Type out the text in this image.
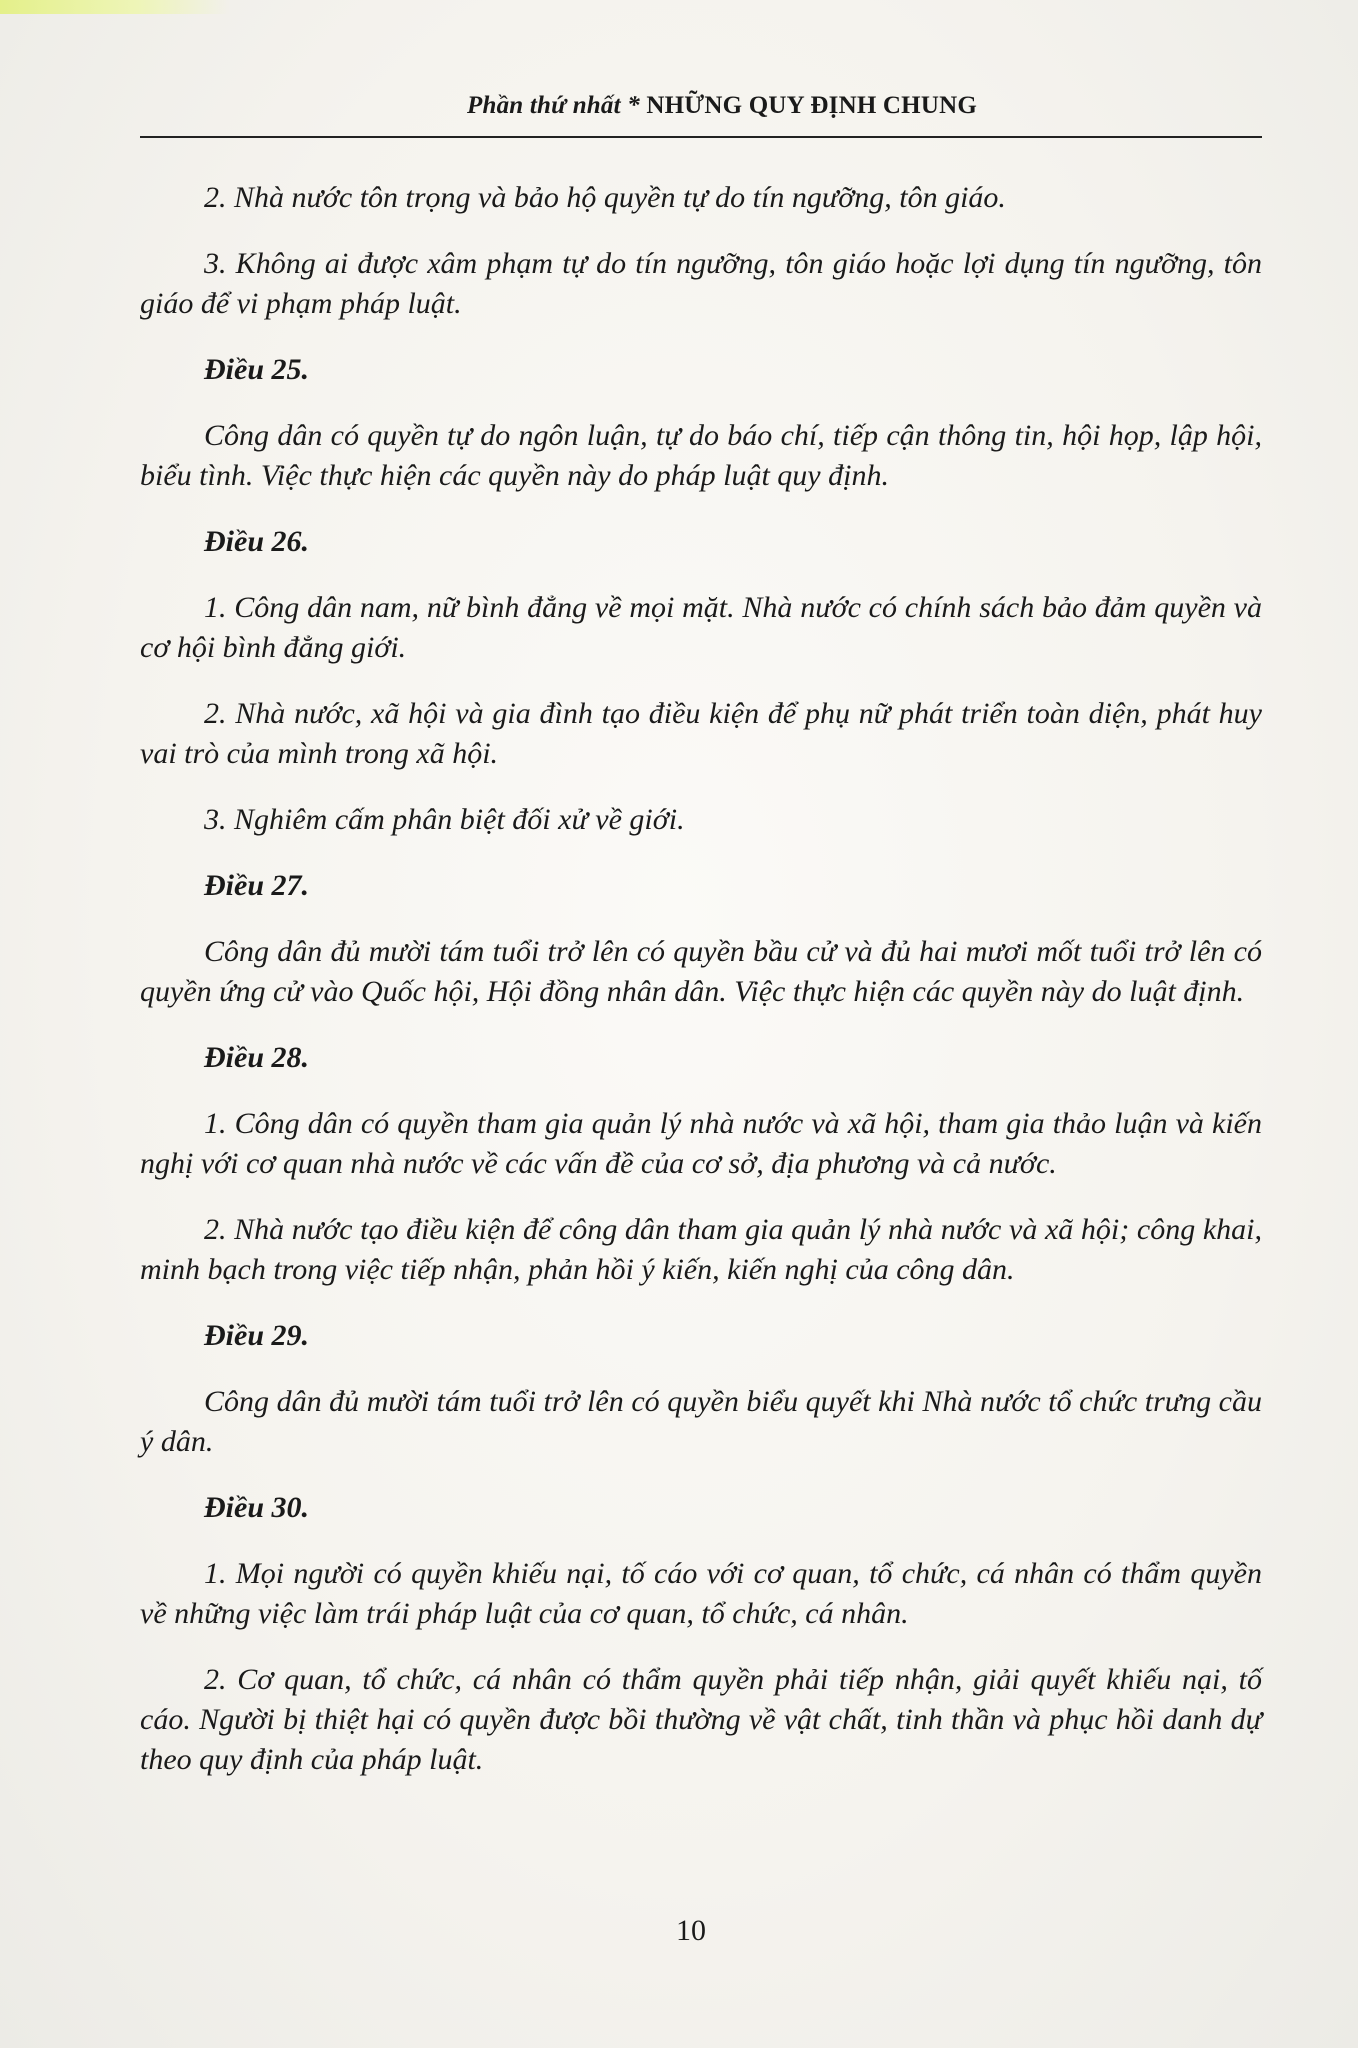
Phần thứ nhất * NHỮNG QUY ĐỊNH CHUNG

2. Nhà nước tôn trọng và bảo hộ quyền tự do tín ngưỡng, tôn giáo.

3. Không ai được xâm phạm tự do tín ngưỡng, tôn giáo hoặc lợi dụng tín ngưỡng, tôn giáo để vi phạm pháp luật.

Điều 25.

Công dân có quyền tự do ngôn luận, tự do báo chí, tiếp cận thông tin, hội họp, lập hội, biểu tình. Việc thực hiện các quyền này do pháp luật quy định.

Điều 26.

1. Công dân nam, nữ bình đẳng về mọi mặt. Nhà nước có chính sách bảo đảm quyền và cơ hội bình đẳng giới.

2. Nhà nước, xã hội và gia đình tạo điều kiện để phụ nữ phát triển toàn diện, phát huy vai trò của mình trong xã hội.

3. Nghiêm cấm phân biệt đối xử về giới.

Điều 27.

Công dân đủ mười tám tuổi trở lên có quyền bầu cử và đủ hai mươi mốt tuổi trở lên có quyền ứng cử vào Quốc hội, Hội đồng nhân dân. Việc thực hiện các quyền này do luật định.

Điều 28.

1. Công dân có quyền tham gia quản lý nhà nước và xã hội, tham gia thảo luận và kiến nghị với cơ quan nhà nước về các vấn đề của cơ sở, địa phương và cả nước.

2. Nhà nước tạo điều kiện để công dân tham gia quản lý nhà nước và xã hội; công khai, minh bạch trong việc tiếp nhận, phản hồi ý kiến, kiến nghị của công dân.

Điều 29.

Công dân đủ mười tám tuổi trở lên có quyền biểu quyết khi Nhà nước tổ chức trưng cầu ý dân.

Điều 30.

1. Mọi người có quyền khiếu nại, tố cáo với cơ quan, tổ chức, cá nhân có thẩm quyền về những việc làm trái pháp luật của cơ quan, tổ chức, cá nhân.

2. Cơ quan, tổ chức, cá nhân có thẩm quyền phải tiếp nhận, giải quyết khiếu nại, tố cáo. Người bị thiệt hại có quyền được bồi thường về vật chất, tinh thần và phục hồi danh dự theo quy định của pháp luật.

10
